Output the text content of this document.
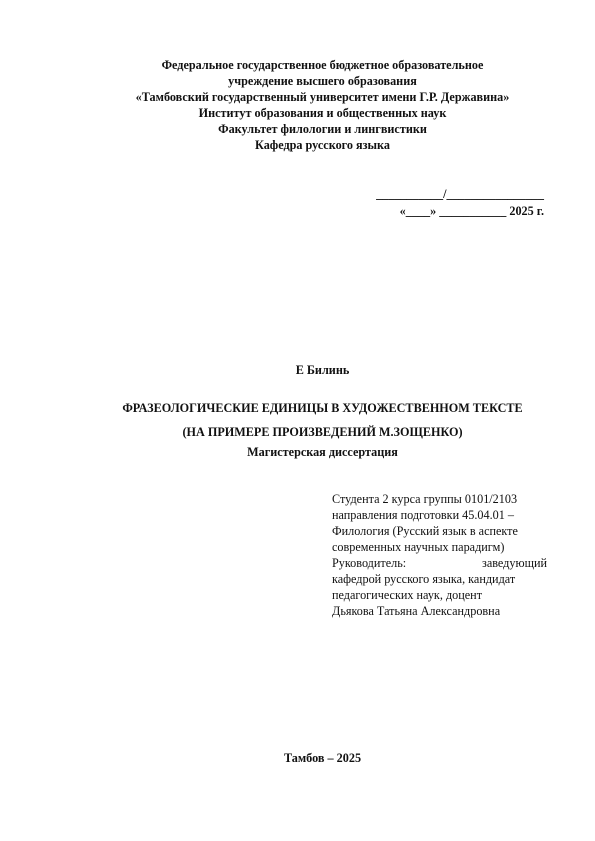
Федеральное государственное бюджетное образовательное
учреждение высшего образования
«Тамбовский государственный университет имени Г.Р. Державина»
Институт образования и общественных наук
Факультет филологии и лингвистики
Кафедра русского языка
___________/________________
«____» ___________ 2025 г.
Е Билинь
ФРАЗЕОЛОГИЧЕСКИЕ ЕДИНИЦЫ В ХУДОЖЕСТВЕННОМ ТЕКСТЕ
(НА ПРИМЕРЕ ПРОИЗВЕДЕНИЙ М.ЗОЩЕНКО)
Магистерская диссертация
Студента 2 курса группы 0101/2103
направления подготовки 45.04.01 –
Филология (Русский язык в аспекте
современных научных парадигм)
Руководитель:	заведующий
кафедрой русского языка, кандидат
педагогических наук, доцент
Дьякова Татьяна Александровна
Тамбов – 2025
